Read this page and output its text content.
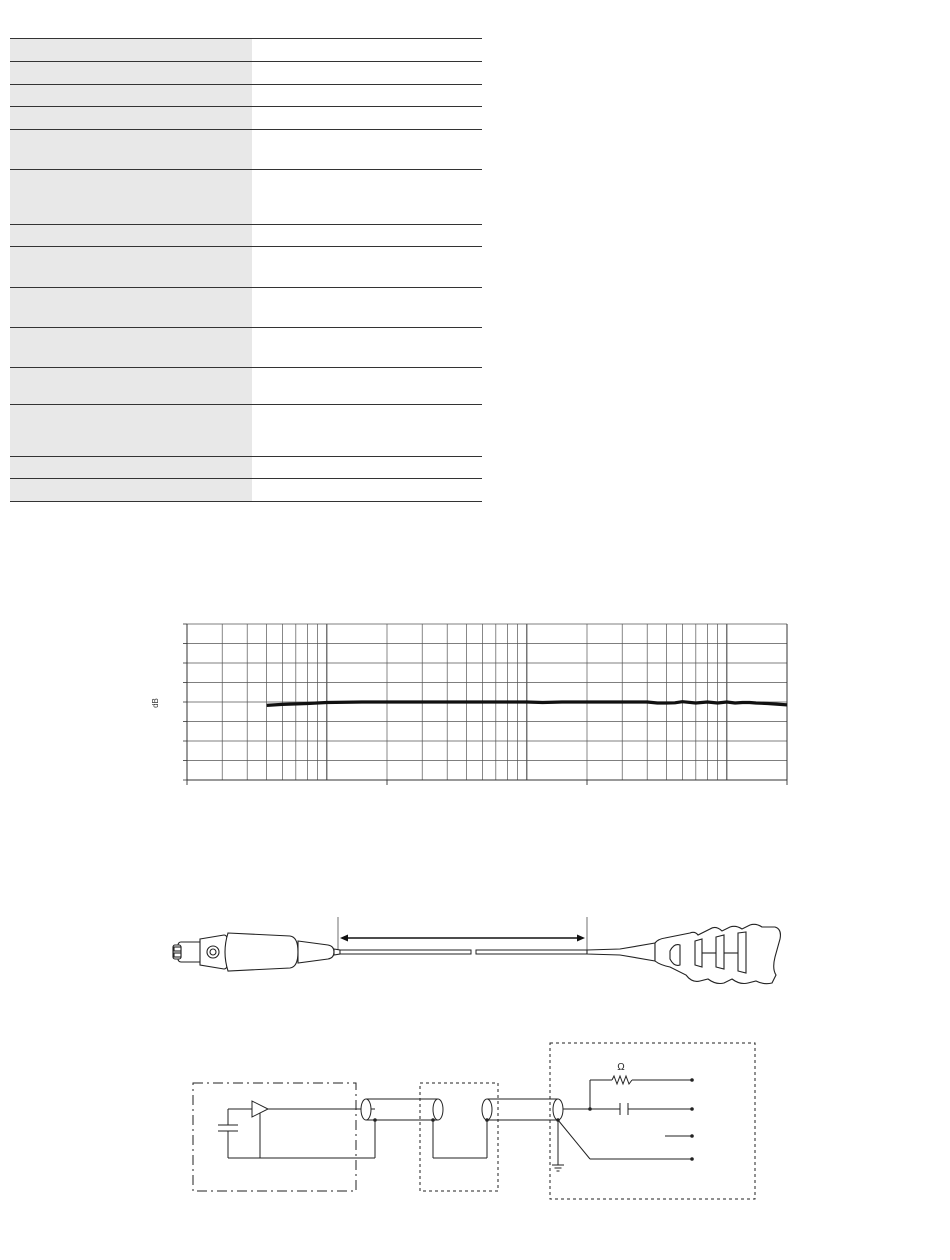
dB
Ω
